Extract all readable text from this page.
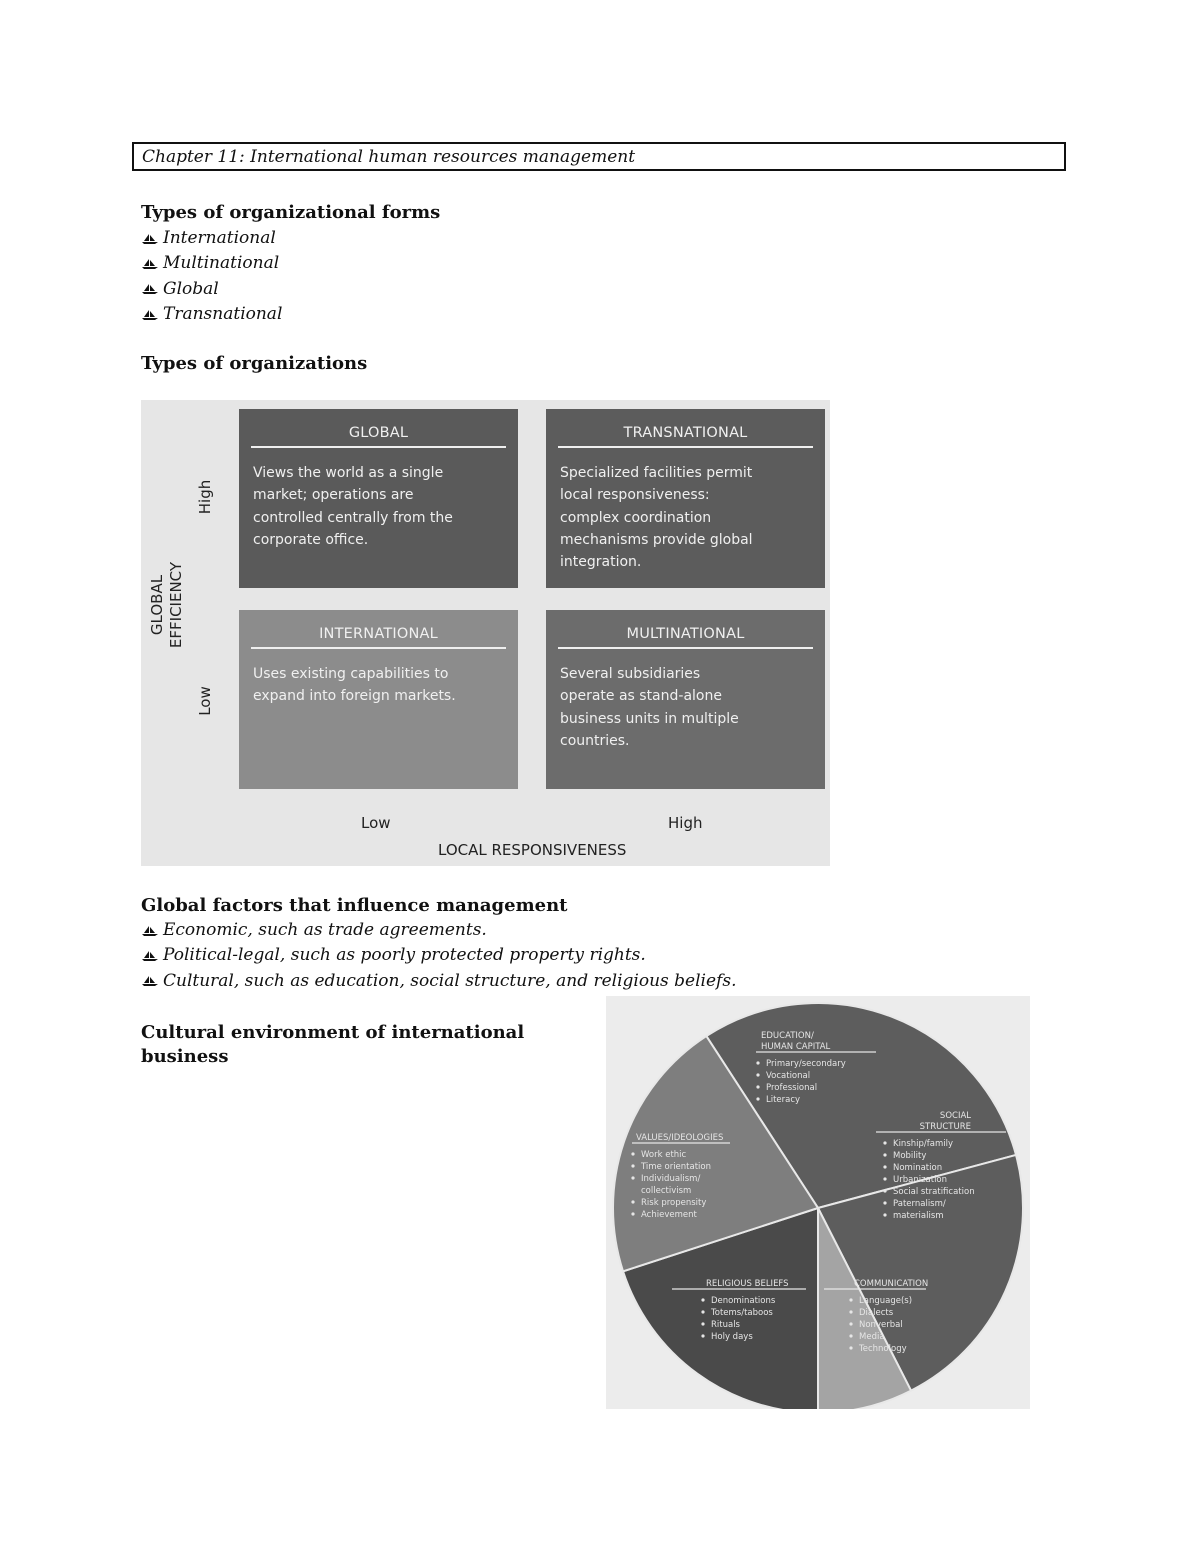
Chapter 11: International human resources management
Types of organizational forms
International
Multinational
Global
Transnational
Types of organizations
GLOBAL EFFICIENCY
High
Low
GLOBAL
Views the world as a single
market; operations are
controlled centrally from the
corporate office.
TRANSNATIONAL
Specialized facilities permit
local responsiveness:
complex coordination
mechanisms provide global
integration.
INTERNATIONAL
Uses existing capabilities to
expand into foreign markets.
MULTINATIONAL
Several subsidiaries
operate as stand-alone
business units in multiple
countries.
Low	High
LOCAL RESPONSIVENESS
Global factors that influence management
Economic, such as trade agreements.
Political-legal, such as poorly protected property rights.
Cultural, such as education, social structure, and religious beliefs.
Cultural environment of international
business
EDUCATION/
HUMAN CAPITAL
Primary/secondary
Vocational
Professional
Literacy
SOCIAL
STRUCTURE
Kinship/family
Mobility
Nomination
Urbanization
Social stratification
Paternalism/
materialism
COMMUNICATION
Language(s)
Dialects
Nonverbal
Media
Technology
RELIGIOUS BELIEFS
Denominations
Totems/taboos
Rituals
Holy days
VALUES/IDEOLOGIES
Work ethic
Time orientation
Individualism/
collectivism
Risk propensity
Achievement
